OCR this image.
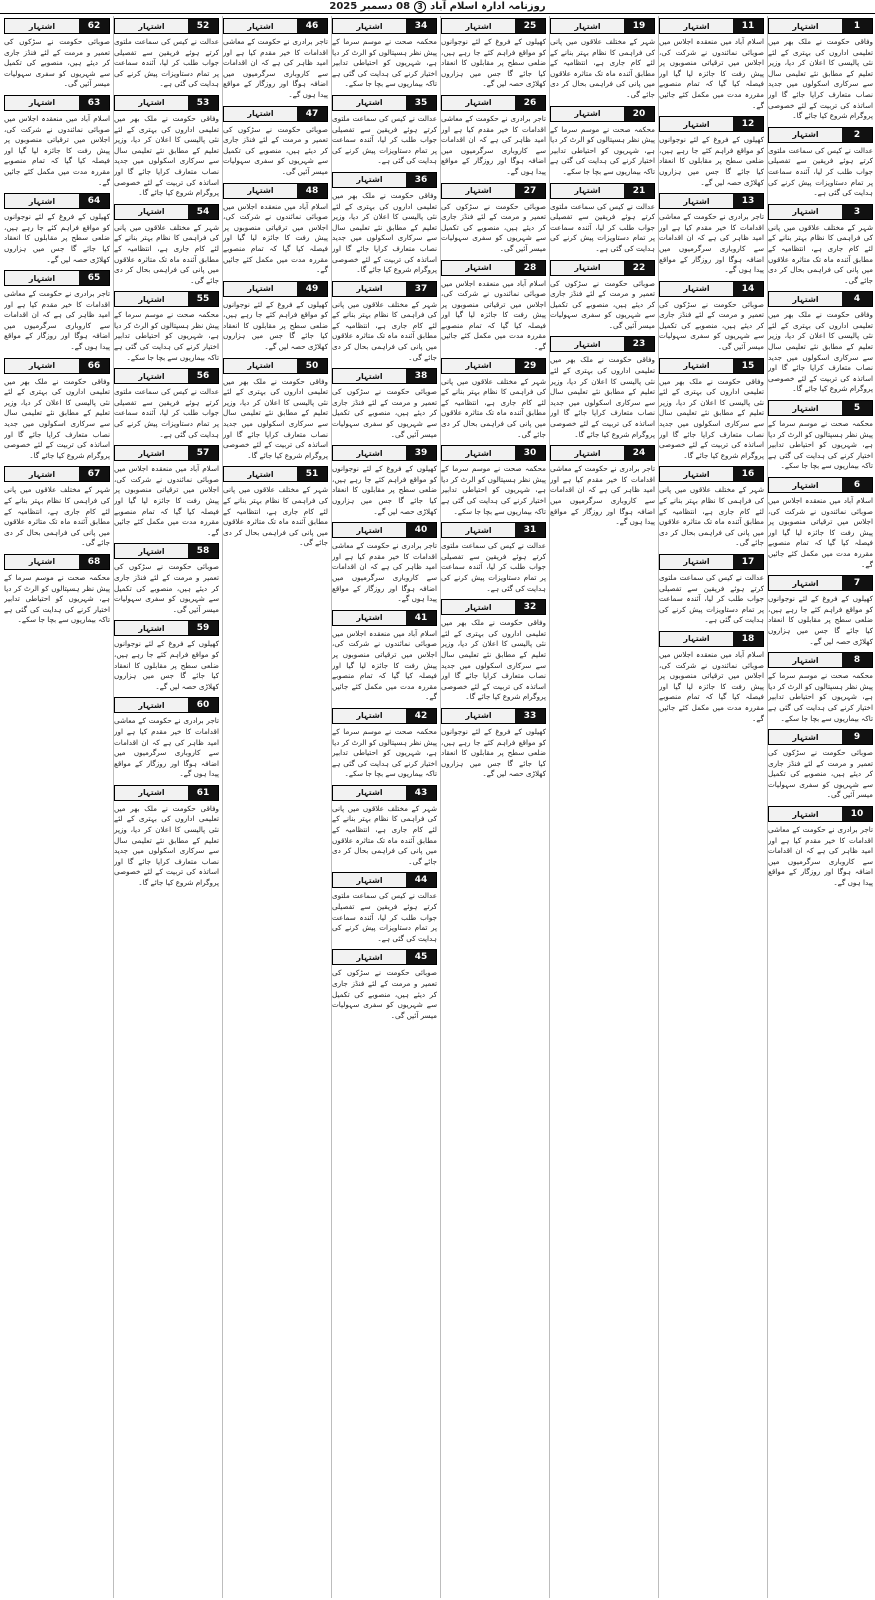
روزنامہ ادارہ اسلام آباد
3
08 دسمبر 2025
1
اشتہار

وفاقی حکومت نے ملک بھر میں تعلیمی اداروں کی بہتری کے لئے نئی پالیسی کا اعلان کر دیا، وزیر تعلیم کے مطابق نئے تعلیمی سال سے سرکاری اسکولوں میں جدید نصاب متعارف کرایا جائے گا اور اساتذہ کی تربیت کے لئے خصوصی پروگرام شروع کیا جائے گا۔

2
اشتہار

عدالت نے کیس کی سماعت ملتوی کرتے ہوئے فریقین سے تفصیلی جواب طلب کر لیا، آئندہ سماعت پر تمام دستاویزات پیش کرنے کی ہدایت کی گئی ہے۔

3
اشتہار

شہر کے مختلف علاقوں میں پانی کی فراہمی کا نظام بہتر بنانے کے لئے کام جاری ہے، انتظامیہ کے مطابق آئندہ ماہ تک متاثرہ علاقوں میں پانی کی فراہمی بحال کر دی جائے گی۔

4
اشتہار

وفاقی حکومت نے ملک بھر میں تعلیمی اداروں کی بہتری کے لئے نئی پالیسی کا اعلان کر دیا، وزیر تعلیم کے مطابق نئے تعلیمی سال سے سرکاری اسکولوں میں جدید نصاب متعارف کرایا جائے گا اور اساتذہ کی تربیت کے لئے خصوصی پروگرام شروع کیا جائے گا۔

5
اشتہار

محکمہ صحت نے موسم سرما کے پیش نظر ہسپتالوں کو الرٹ کر دیا ہے، شہریوں کو احتیاطی تدابیر اختیار کرنے کی ہدایت کی گئی ہے تاکہ بیماریوں سے بچا جا سکے۔

6
اشتہار

اسلام آباد میں منعقدہ اجلاس میں صوبائی نمائندوں نے شرکت کی، اجلاس میں ترقیاتی منصوبوں پر پیش رفت کا جائزہ لیا گیا اور فیصلہ کیا گیا کہ تمام منصوبے مقررہ مدت میں مکمل کئے جائیں گے۔

7
اشتہار

کھیلوں کے فروغ کے لئے نوجوانوں کو مواقع فراہم کئے جا رہے ہیں، ضلعی سطح پر مقابلوں کا انعقاد کیا جائے گا جس میں ہزاروں کھلاڑی حصہ لیں گے۔

8
اشتہار

محکمہ صحت نے موسم سرما کے پیش نظر ہسپتالوں کو الرٹ کر دیا ہے، شہریوں کو احتیاطی تدابیر اختیار کرنے کی ہدایت کی گئی ہے تاکہ بیماریوں سے بچا جا سکے۔

9
اشتہار

صوبائی حکومت نے سڑکوں کی تعمیر و مرمت کے لئے فنڈز جاری کر دیئے ہیں، منصوبے کی تکمیل سے شہریوں کو سفری سہولیات میسر آئیں گی۔

10
اشتہار

تاجر برادری نے حکومت کے معاشی اقدامات کا خیر مقدم کیا ہے اور امید ظاہر کی ہے کہ ان اقدامات سے کاروباری سرگرمیوں میں اضافہ ہوگا اور روزگار کے مواقع پیدا ہوں گے۔

11
اشتہار

اسلام آباد میں منعقدہ اجلاس میں صوبائی نمائندوں نے شرکت کی، اجلاس میں ترقیاتی منصوبوں پر پیش رفت کا جائزہ لیا گیا اور فیصلہ کیا گیا کہ تمام منصوبے مقررہ مدت میں مکمل کئے جائیں گے۔

12
اشتہار

کھیلوں کے فروغ کے لئے نوجوانوں کو مواقع فراہم کئے جا رہے ہیں، ضلعی سطح پر مقابلوں کا انعقاد کیا جائے گا جس میں ہزاروں کھلاڑی حصہ لیں گے۔

13
اشتہار

تاجر برادری نے حکومت کے معاشی اقدامات کا خیر مقدم کیا ہے اور امید ظاہر کی ہے کہ ان اقدامات سے کاروباری سرگرمیوں میں اضافہ ہوگا اور روزگار کے مواقع پیدا ہوں گے۔

14
اشتہار

صوبائی حکومت نے سڑکوں کی تعمیر و مرمت کے لئے فنڈز جاری کر دیئے ہیں، منصوبے کی تکمیل سے شہریوں کو سفری سہولیات میسر آئیں گی۔

15
اشتہار

وفاقی حکومت نے ملک بھر میں تعلیمی اداروں کی بہتری کے لئے نئی پالیسی کا اعلان کر دیا، وزیر تعلیم کے مطابق نئے تعلیمی سال سے سرکاری اسکولوں میں جدید نصاب متعارف کرایا جائے گا اور اساتذہ کی تربیت کے لئے خصوصی پروگرام شروع کیا جائے گا۔

16
اشتہار

شہر کے مختلف علاقوں میں پانی کی فراہمی کا نظام بہتر بنانے کے لئے کام جاری ہے، انتظامیہ کے مطابق آئندہ ماہ تک متاثرہ علاقوں میں پانی کی فراہمی بحال کر دی جائے گی۔

17
اشتہار

عدالت نے کیس کی سماعت ملتوی کرتے ہوئے فریقین سے تفصیلی جواب طلب کر لیا، آئندہ سماعت پر تمام دستاویزات پیش کرنے کی ہدایت کی گئی ہے۔

18
اشتہار

اسلام آباد میں منعقدہ اجلاس میں صوبائی نمائندوں نے شرکت کی، اجلاس میں ترقیاتی منصوبوں پر پیش رفت کا جائزہ لیا گیا اور فیصلہ کیا گیا کہ تمام منصوبے مقررہ مدت میں مکمل کئے جائیں گے۔

19
اشتہار

شہر کے مختلف علاقوں میں پانی کی فراہمی کا نظام بہتر بنانے کے لئے کام جاری ہے، انتظامیہ کے مطابق آئندہ ماہ تک متاثرہ علاقوں میں پانی کی فراہمی بحال کر دی جائے گی۔

20
اشتہار

محکمہ صحت نے موسم سرما کے پیش نظر ہسپتالوں کو الرٹ کر دیا ہے، شہریوں کو احتیاطی تدابیر اختیار کرنے کی ہدایت کی گئی ہے تاکہ بیماریوں سے بچا جا سکے۔

21
اشتہار

عدالت نے کیس کی سماعت ملتوی کرتے ہوئے فریقین سے تفصیلی جواب طلب کر لیا، آئندہ سماعت پر تمام دستاویزات پیش کرنے کی ہدایت کی گئی ہے۔

22
اشتہار

صوبائی حکومت نے سڑکوں کی تعمیر و مرمت کے لئے فنڈز جاری کر دیئے ہیں، منصوبے کی تکمیل سے شہریوں کو سفری سہولیات میسر آئیں گی۔

23
اشتہار

وفاقی حکومت نے ملک بھر میں تعلیمی اداروں کی بہتری کے لئے نئی پالیسی کا اعلان کر دیا، وزیر تعلیم کے مطابق نئے تعلیمی سال سے سرکاری اسکولوں میں جدید نصاب متعارف کرایا جائے گا اور اساتذہ کی تربیت کے لئے خصوصی پروگرام شروع کیا جائے گا۔

24
اشتہار

تاجر برادری نے حکومت کے معاشی اقدامات کا خیر مقدم کیا ہے اور امید ظاہر کی ہے کہ ان اقدامات سے کاروباری سرگرمیوں میں اضافہ ہوگا اور روزگار کے مواقع پیدا ہوں گے۔

25
اشتہار

کھیلوں کے فروغ کے لئے نوجوانوں کو مواقع فراہم کئے جا رہے ہیں، ضلعی سطح پر مقابلوں کا انعقاد کیا جائے گا جس میں ہزاروں کھلاڑی حصہ لیں گے۔

26
اشتہار

تاجر برادری نے حکومت کے معاشی اقدامات کا خیر مقدم کیا ہے اور امید ظاہر کی ہے کہ ان اقدامات سے کاروباری سرگرمیوں میں اضافہ ہوگا اور روزگار کے مواقع پیدا ہوں گے۔

27
اشتہار

صوبائی حکومت نے سڑکوں کی تعمیر و مرمت کے لئے فنڈز جاری کر دیئے ہیں، منصوبے کی تکمیل سے شہریوں کو سفری سہولیات میسر آئیں گی۔

28
اشتہار

اسلام آباد میں منعقدہ اجلاس میں صوبائی نمائندوں نے شرکت کی، اجلاس میں ترقیاتی منصوبوں پر پیش رفت کا جائزہ لیا گیا اور فیصلہ کیا گیا کہ تمام منصوبے مقررہ مدت میں مکمل کئے جائیں گے۔

29
اشتہار

شہر کے مختلف علاقوں میں پانی کی فراہمی کا نظام بہتر بنانے کے لئے کام جاری ہے، انتظامیہ کے مطابق آئندہ ماہ تک متاثرہ علاقوں میں پانی کی فراہمی بحال کر دی جائے گی۔

30
اشتہار

محکمہ صحت نے موسم سرما کے پیش نظر ہسپتالوں کو الرٹ کر دیا ہے، شہریوں کو احتیاطی تدابیر اختیار کرنے کی ہدایت کی گئی ہے تاکہ بیماریوں سے بچا جا سکے۔

31
اشتہار

عدالت نے کیس کی سماعت ملتوی کرتے ہوئے فریقین سے تفصیلی جواب طلب کر لیا، آئندہ سماعت پر تمام دستاویزات پیش کرنے کی ہدایت کی گئی ہے۔

32
اشتہار

وفاقی حکومت نے ملک بھر میں تعلیمی اداروں کی بہتری کے لئے نئی پالیسی کا اعلان کر دیا، وزیر تعلیم کے مطابق نئے تعلیمی سال سے سرکاری اسکولوں میں جدید نصاب متعارف کرایا جائے گا اور اساتذہ کی تربیت کے لئے خصوصی پروگرام شروع کیا جائے گا۔

33
اشتہار

کھیلوں کے فروغ کے لئے نوجوانوں کو مواقع فراہم کئے جا رہے ہیں، ضلعی سطح پر مقابلوں کا انعقاد کیا جائے گا جس میں ہزاروں کھلاڑی حصہ لیں گے۔

34
اشتہار

محکمہ صحت نے موسم سرما کے پیش نظر ہسپتالوں کو الرٹ کر دیا ہے، شہریوں کو احتیاطی تدابیر اختیار کرنے کی ہدایت کی گئی ہے تاکہ بیماریوں سے بچا جا سکے۔

35
اشتہار

عدالت نے کیس کی سماعت ملتوی کرتے ہوئے فریقین سے تفصیلی جواب طلب کر لیا، آئندہ سماعت پر تمام دستاویزات پیش کرنے کی ہدایت کی گئی ہے۔

36
اشتہار

وفاقی حکومت نے ملک بھر میں تعلیمی اداروں کی بہتری کے لئے نئی پالیسی کا اعلان کر دیا، وزیر تعلیم کے مطابق نئے تعلیمی سال سے سرکاری اسکولوں میں جدید نصاب متعارف کرایا جائے گا اور اساتذہ کی تربیت کے لئے خصوصی پروگرام شروع کیا جائے گا۔

37
اشتہار

شہر کے مختلف علاقوں میں پانی کی فراہمی کا نظام بہتر بنانے کے لئے کام جاری ہے، انتظامیہ کے مطابق آئندہ ماہ تک متاثرہ علاقوں میں پانی کی فراہمی بحال کر دی جائے گی۔

38
اشتہار

صوبائی حکومت نے سڑکوں کی تعمیر و مرمت کے لئے فنڈز جاری کر دیئے ہیں، منصوبے کی تکمیل سے شہریوں کو سفری سہولیات میسر آئیں گی۔

39
اشتہار

کھیلوں کے فروغ کے لئے نوجوانوں کو مواقع فراہم کئے جا رہے ہیں، ضلعی سطح پر مقابلوں کا انعقاد کیا جائے گا جس میں ہزاروں کھلاڑی حصہ لیں گے۔

40
اشتہار

تاجر برادری نے حکومت کے معاشی اقدامات کا خیر مقدم کیا ہے اور امید ظاہر کی ہے کہ ان اقدامات سے کاروباری سرگرمیوں میں اضافہ ہوگا اور روزگار کے مواقع پیدا ہوں گے۔

41
اشتہار

اسلام آباد میں منعقدہ اجلاس میں صوبائی نمائندوں نے شرکت کی، اجلاس میں ترقیاتی منصوبوں پر پیش رفت کا جائزہ لیا گیا اور فیصلہ کیا گیا کہ تمام منصوبے مقررہ مدت میں مکمل کئے جائیں گے۔

42
اشتہار

محکمہ صحت نے موسم سرما کے پیش نظر ہسپتالوں کو الرٹ کر دیا ہے، شہریوں کو احتیاطی تدابیر اختیار کرنے کی ہدایت کی گئی ہے تاکہ بیماریوں سے بچا جا سکے۔

43
اشتہار

شہر کے مختلف علاقوں میں پانی کی فراہمی کا نظام بہتر بنانے کے لئے کام جاری ہے، انتظامیہ کے مطابق آئندہ ماہ تک متاثرہ علاقوں میں پانی کی فراہمی بحال کر دی جائے گی۔

44
اشتہار

عدالت نے کیس کی سماعت ملتوی کرتے ہوئے فریقین سے تفصیلی جواب طلب کر لیا، آئندہ سماعت پر تمام دستاویزات پیش کرنے کی ہدایت کی گئی ہے۔

45
اشتہار

صوبائی حکومت نے سڑکوں کی تعمیر و مرمت کے لئے فنڈز جاری کر دیئے ہیں، منصوبے کی تکمیل سے شہریوں کو سفری سہولیات میسر آئیں گی۔

46
اشتہار

تاجر برادری نے حکومت کے معاشی اقدامات کا خیر مقدم کیا ہے اور امید ظاہر کی ہے کہ ان اقدامات سے کاروباری سرگرمیوں میں اضافہ ہوگا اور روزگار کے مواقع پیدا ہوں گے۔

47
اشتہار

صوبائی حکومت نے سڑکوں کی تعمیر و مرمت کے لئے فنڈز جاری کر دیئے ہیں، منصوبے کی تکمیل سے شہریوں کو سفری سہولیات میسر آئیں گی۔

48
اشتہار

اسلام آباد میں منعقدہ اجلاس میں صوبائی نمائندوں نے شرکت کی، اجلاس میں ترقیاتی منصوبوں پر پیش رفت کا جائزہ لیا گیا اور فیصلہ کیا گیا کہ تمام منصوبے مقررہ مدت میں مکمل کئے جائیں گے۔

49
اشتہار

کھیلوں کے فروغ کے لئے نوجوانوں کو مواقع فراہم کئے جا رہے ہیں، ضلعی سطح پر مقابلوں کا انعقاد کیا جائے گا جس میں ہزاروں کھلاڑی حصہ لیں گے۔

50
اشتہار

وفاقی حکومت نے ملک بھر میں تعلیمی اداروں کی بہتری کے لئے نئی پالیسی کا اعلان کر دیا، وزیر تعلیم کے مطابق نئے تعلیمی سال سے سرکاری اسکولوں میں جدید نصاب متعارف کرایا جائے گا اور اساتذہ کی تربیت کے لئے خصوصی پروگرام شروع کیا جائے گا۔

51
اشتہار

شہر کے مختلف علاقوں میں پانی کی فراہمی کا نظام بہتر بنانے کے لئے کام جاری ہے، انتظامیہ کے مطابق آئندہ ماہ تک متاثرہ علاقوں میں پانی کی فراہمی بحال کر دی جائے گی۔

52
اشتہار

عدالت نے کیس کی سماعت ملتوی کرتے ہوئے فریقین سے تفصیلی جواب طلب کر لیا، آئندہ سماعت پر تمام دستاویزات پیش کرنے کی ہدایت کی گئی ہے۔

53
اشتہار

وفاقی حکومت نے ملک بھر میں تعلیمی اداروں کی بہتری کے لئے نئی پالیسی کا اعلان کر دیا، وزیر تعلیم کے مطابق نئے تعلیمی سال سے سرکاری اسکولوں میں جدید نصاب متعارف کرایا جائے گا اور اساتذہ کی تربیت کے لئے خصوصی پروگرام شروع کیا جائے گا۔

54
اشتہار

شہر کے مختلف علاقوں میں پانی کی فراہمی کا نظام بہتر بنانے کے لئے کام جاری ہے، انتظامیہ کے مطابق آئندہ ماہ تک متاثرہ علاقوں میں پانی کی فراہمی بحال کر دی جائے گی۔

55
اشتہار

محکمہ صحت نے موسم سرما کے پیش نظر ہسپتالوں کو الرٹ کر دیا ہے، شہریوں کو احتیاطی تدابیر اختیار کرنے کی ہدایت کی گئی ہے تاکہ بیماریوں سے بچا جا سکے۔

56
اشتہار

عدالت نے کیس کی سماعت ملتوی کرتے ہوئے فریقین سے تفصیلی جواب طلب کر لیا، آئندہ سماعت پر تمام دستاویزات پیش کرنے کی ہدایت کی گئی ہے۔

57
اشتہار

اسلام آباد میں منعقدہ اجلاس میں صوبائی نمائندوں نے شرکت کی، اجلاس میں ترقیاتی منصوبوں پر پیش رفت کا جائزہ لیا گیا اور فیصلہ کیا گیا کہ تمام منصوبے مقررہ مدت میں مکمل کئے جائیں گے۔

58
اشتہار

صوبائی حکومت نے سڑکوں کی تعمیر و مرمت کے لئے فنڈز جاری کر دیئے ہیں، منصوبے کی تکمیل سے شہریوں کو سفری سہولیات میسر آئیں گی۔

59
اشتہار

کھیلوں کے فروغ کے لئے نوجوانوں کو مواقع فراہم کئے جا رہے ہیں، ضلعی سطح پر مقابلوں کا انعقاد کیا جائے گا جس میں ہزاروں کھلاڑی حصہ لیں گے۔

60
اشتہار

تاجر برادری نے حکومت کے معاشی اقدامات کا خیر مقدم کیا ہے اور امید ظاہر کی ہے کہ ان اقدامات سے کاروباری سرگرمیوں میں اضافہ ہوگا اور روزگار کے مواقع پیدا ہوں گے۔

61
اشتہار

وفاقی حکومت نے ملک بھر میں تعلیمی اداروں کی بہتری کے لئے نئی پالیسی کا اعلان کر دیا، وزیر تعلیم کے مطابق نئے تعلیمی سال سے سرکاری اسکولوں میں جدید نصاب متعارف کرایا جائے گا اور اساتذہ کی تربیت کے لئے خصوصی پروگرام شروع کیا جائے گا۔

62
اشتہار

صوبائی حکومت نے سڑکوں کی تعمیر و مرمت کے لئے فنڈز جاری کر دیئے ہیں، منصوبے کی تکمیل سے شہریوں کو سفری سہولیات میسر آئیں گی۔

63
اشتہار

اسلام آباد میں منعقدہ اجلاس میں صوبائی نمائندوں نے شرکت کی، اجلاس میں ترقیاتی منصوبوں پر پیش رفت کا جائزہ لیا گیا اور فیصلہ کیا گیا کہ تمام منصوبے مقررہ مدت میں مکمل کئے جائیں گے۔

64
اشتہار

کھیلوں کے فروغ کے لئے نوجوانوں کو مواقع فراہم کئے جا رہے ہیں، ضلعی سطح پر مقابلوں کا انعقاد کیا جائے گا جس میں ہزاروں کھلاڑی حصہ لیں گے۔

65
اشتہار

تاجر برادری نے حکومت کے معاشی اقدامات کا خیر مقدم کیا ہے اور امید ظاہر کی ہے کہ ان اقدامات سے کاروباری سرگرمیوں میں اضافہ ہوگا اور روزگار کے مواقع پیدا ہوں گے۔

66
اشتہار

وفاقی حکومت نے ملک بھر میں تعلیمی اداروں کی بہتری کے لئے نئی پالیسی کا اعلان کر دیا، وزیر تعلیم کے مطابق نئے تعلیمی سال سے سرکاری اسکولوں میں جدید نصاب متعارف کرایا جائے گا اور اساتذہ کی تربیت کے لئے خصوصی پروگرام شروع کیا جائے گا۔

67
اشتہار

شہر کے مختلف علاقوں میں پانی کی فراہمی کا نظام بہتر بنانے کے لئے کام جاری ہے، انتظامیہ کے مطابق آئندہ ماہ تک متاثرہ علاقوں میں پانی کی فراہمی بحال کر دی جائے گی۔

68
اشتہار

محکمہ صحت نے موسم سرما کے پیش نظر ہسپتالوں کو الرٹ کر دیا ہے، شہریوں کو احتیاطی تدابیر اختیار کرنے کی ہدایت کی گئی ہے تاکہ بیماریوں سے بچا جا سکے۔
